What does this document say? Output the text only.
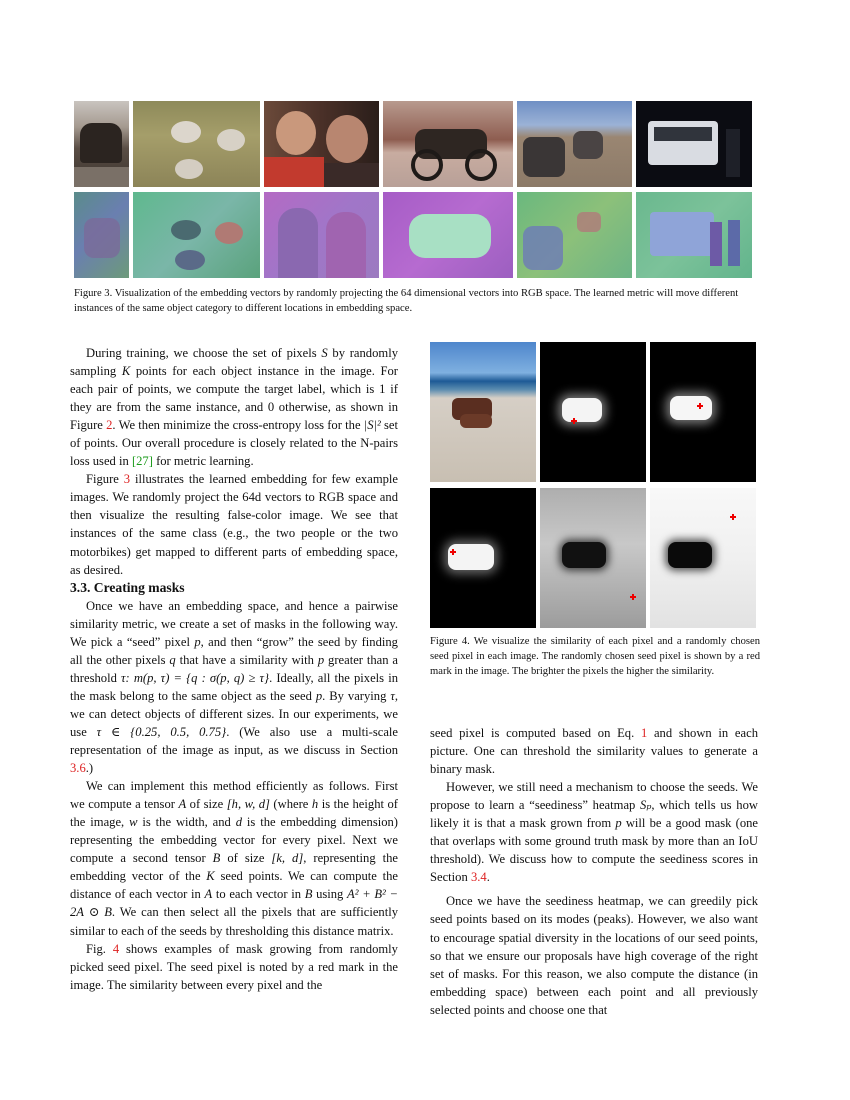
Figure 3. Visualization of the embedding vectors by randomly projecting the 64 dimensional vectors into RGB space. The learned metric will move different instances of the same object category to different locations in embedding space.
Figure 4. We visualize the similarity of each pixel and a randomly chosen seed pixel in each image. The randomly chosen seed pixel is shown by a red mark in the image. The brighter the pixels the higher the similarity.

During training, we choose the set of pixels S by randomly sampling K points for each object instance in the image. For each pair of points, we compute the target label, which is 1 if they are from the same instance, and 0 otherwise, as shown in Figure 2. We then minimize the cross-entropy loss for the |S|² set of points. Our overall procedure is closely related to the N-pairs loss used in [27] for metric learning.

Figure 3 illustrates the learned embedding for few example images. We randomly project the 64d vectors to RGB space and then visualize the resulting false-color image. We see that instances of the same class (e.g., the two people or the two motorbikes) get mapped to different parts of embedding space, as desired.

3.3. Creating masks

Once we have an embedding space, and hence a pairwise similarity metric, we create a set of masks in the following way. We pick a “seed” pixel p, and then “grow” the seed by finding all the other pixels q that have a similarity with p greater than a threshold τ: m(p, τ) = {q : σ(p, q) ≥ τ}. Ideally, all the pixels in the mask belong to the same object as the seed p. By varying τ, we can detect objects of different sizes. In our experiments, we use τ ∈ {0.25, 0.5, 0.75}. (We also use a multi-scale representation of the image as input, as we discuss in Section 3.6.)

We can implement this method efficiently as follows. First we compute a tensor A of size [h, w, d] (where h is the height of the image, w is the width, and d is the embedding dimension) representing the embedding vector for every pixel. Next we compute a second tensor B of size [k, d], representing the embedding vector of the K seed points. We can compute the distance of each vector in A to each vector in B using A² + B² − 2A ⊙ B. We can then select all the pixels that are sufficiently similar to each of the seeds by thresholding this distance matrix.

Fig. 4 shows examples of mask growing from randomly picked seed pixel. The seed pixel is noted by a red mark in the image. The similarity between every pixel and the

seed pixel is computed based on Eq. 1 and shown in each picture. One can threshold the similarity values to generate a binary mask.

However, we still need a mechanism to choose the seeds. We propose to learn a “seediness” heatmap Sₚ, which tells us how likely it is that a mask grown from p will be a good mask (one that overlaps with some ground truth mask by more than an IoU threshold). We discuss how to compute the seediness scores in Section 3.4.

Once we have the seediness heatmap, we can greedily pick seed points based on its modes (peaks). However, we also want to encourage spatial diversity in the locations of our seed points, so that we ensure our proposals have high coverage of the right set of masks. For this reason, we also compute the distance (in embedding space) between each point and all previously selected points and choose one that
